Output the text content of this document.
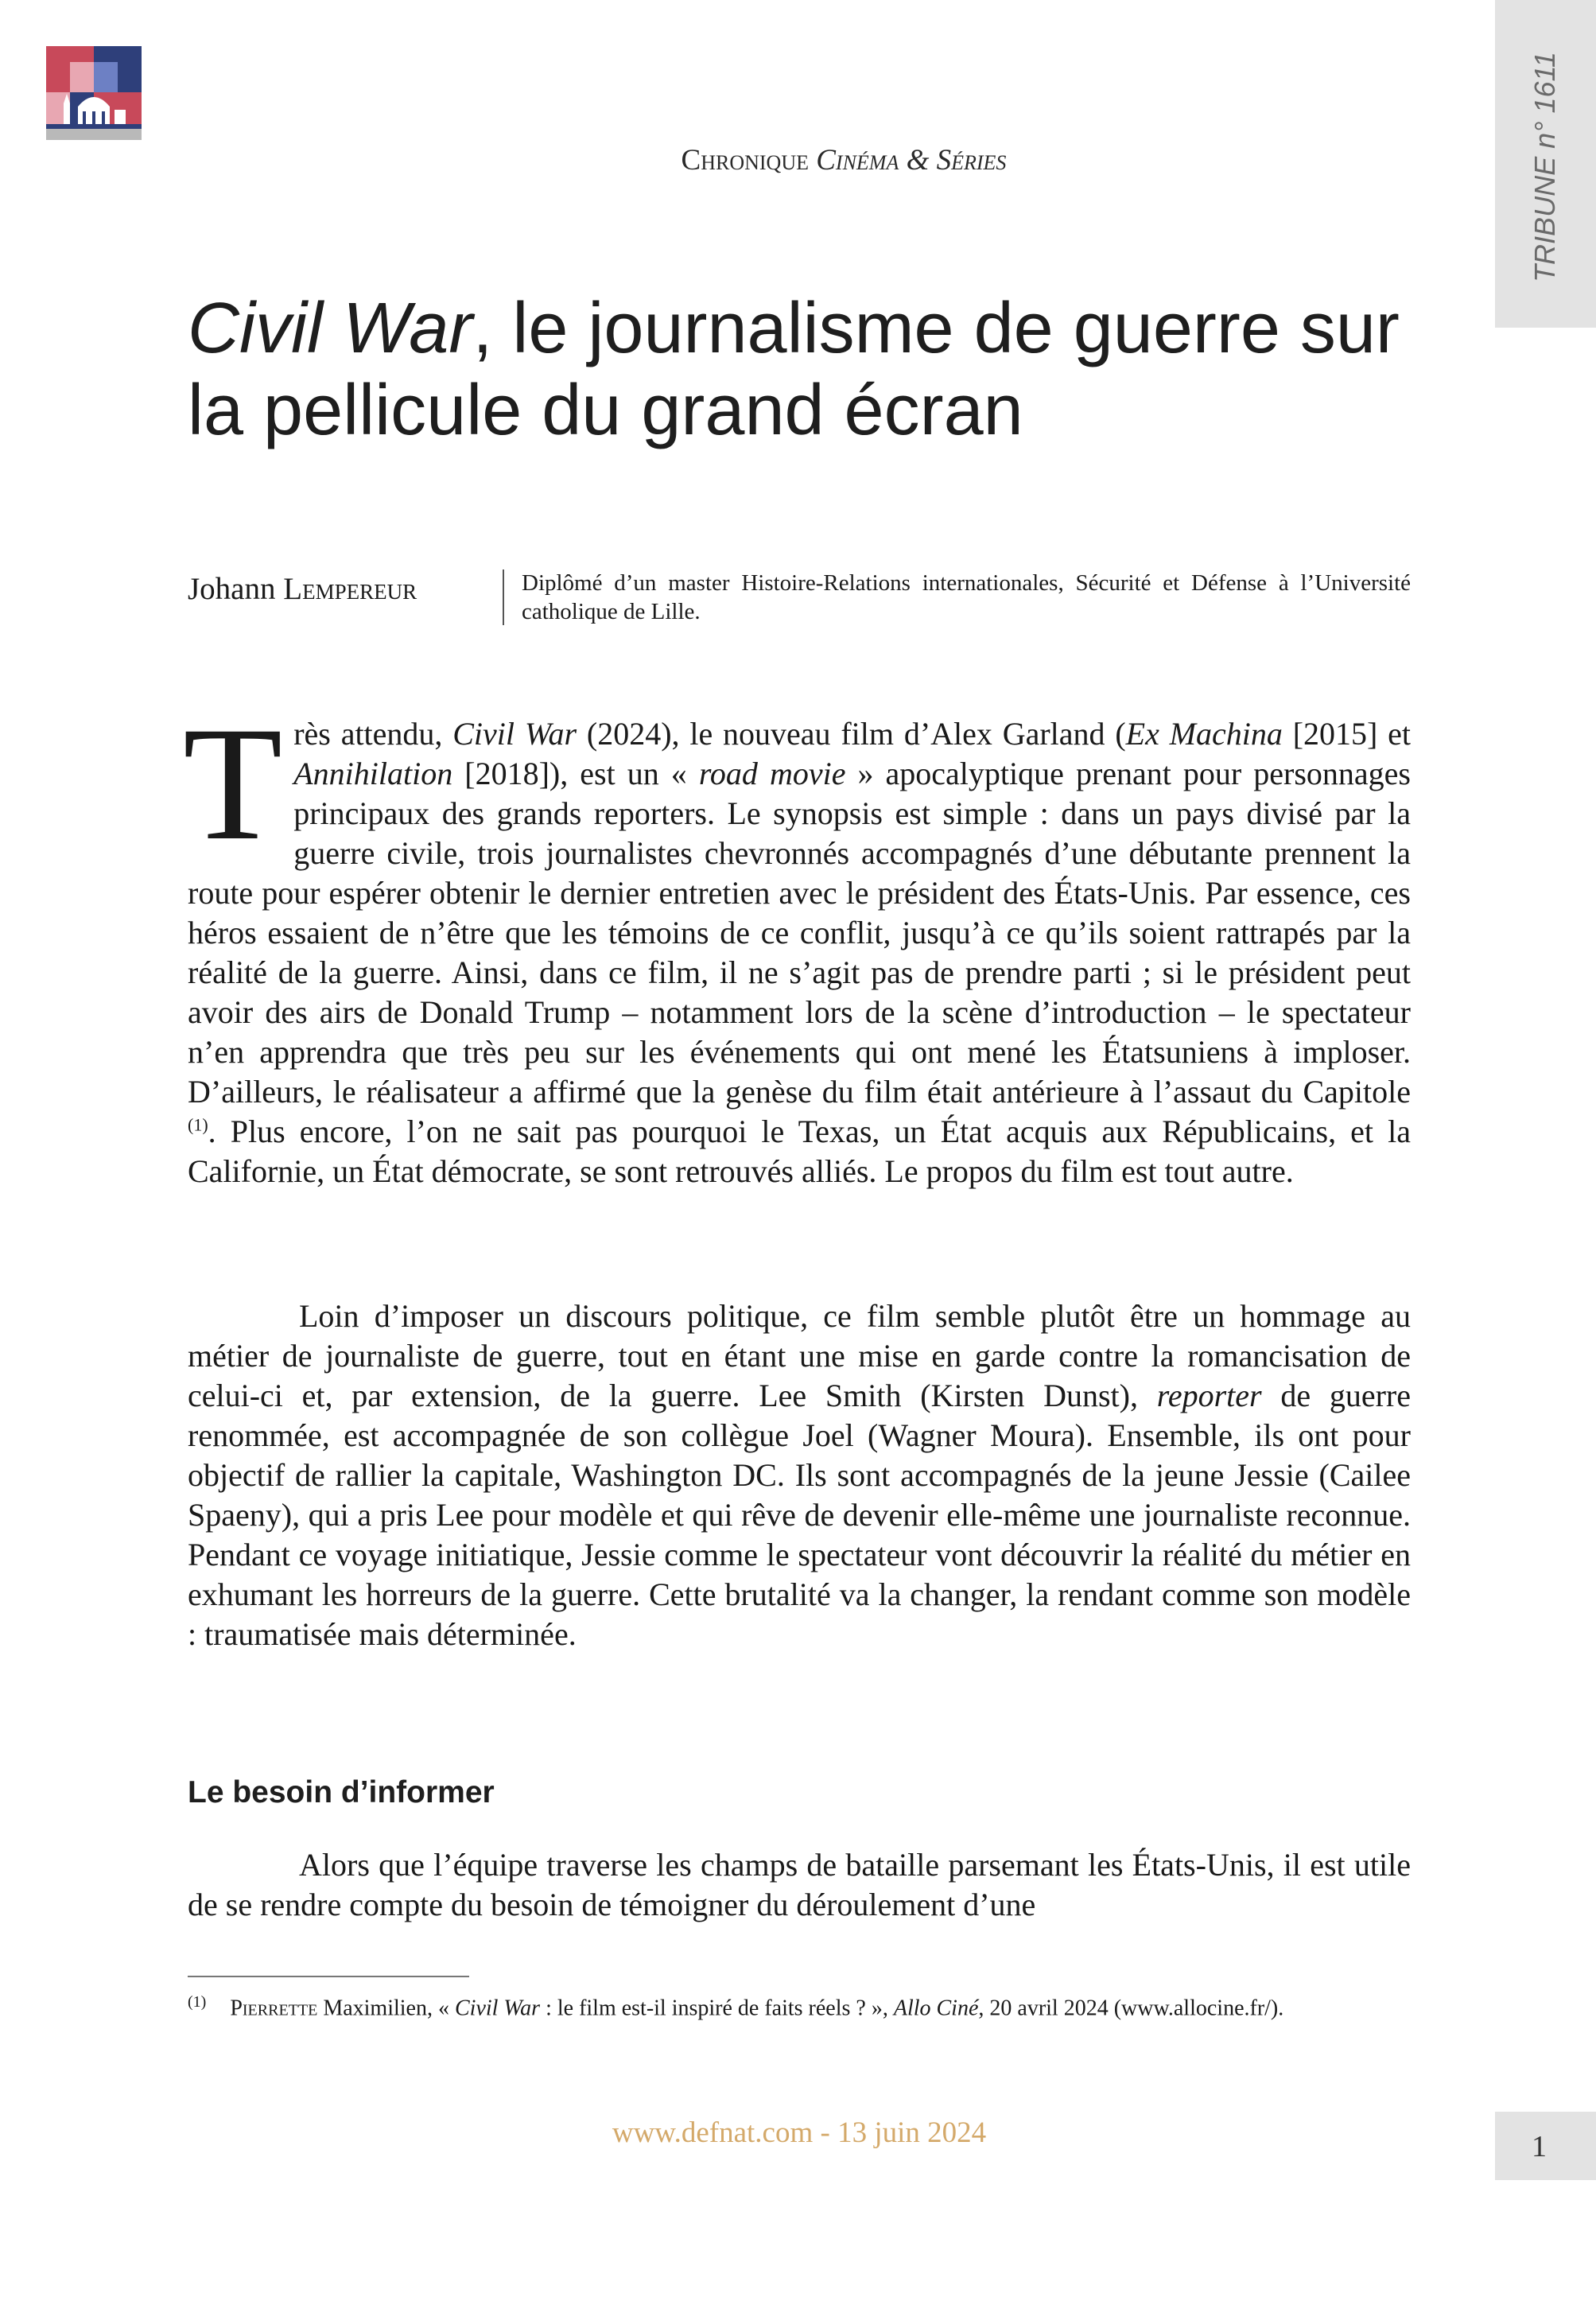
TRIBUNE n° 1611
Chronique Cinéma & Séries
Civil War, le journalisme de guerre sur la pellicule du grand écran
Johann Lempereur	Diplômé d’un master Histoire-Relations internationales, Sécurité et Défense à l’Université catholique de Lille.

Très attendu, Civil War (2024), le nouveau film d’Alex Garland (Ex Machina [2015] et Annihilation [2018]), est un « road movie » apocalyptique prenant pour personnages principaux des grands reporters. Le synopsis est simple : dans un pays divisé par la guerre civile, trois journalistes chevronnés accompagnés d’une débutante prennent la route pour espérer obtenir le dernier entretien avec le président des États-Unis. Par essence, ces héros essaient de n’être que les témoins de ce conflit, jusqu’à ce qu’ils soient rattrapés par la réalité de la guerre. Ainsi, dans ce film, il ne s’agit pas de prendre parti ; si le président peut avoir des airs de Donald Trump – notamment lors de la scène d’introduction – le spectateur n’en apprendra que très peu sur les événements qui ont mené les Étatsuniens à imploser. D’ailleurs, le réalisateur a affirmé que la genèse du film était antérieure à l’assaut du Capitole $^{(1)}$. Plus encore, l’on ne sait pas pourquoi le Texas, un État acquis aux Républicains, et la Californie, un État démocrate, se sont retrouvés alliés. Le propos du film est tout autre.

Loin d’imposer un discours politique, ce film semble plutôt être un hommage au métier de journaliste de guerre, tout en étant une mise en garde contre la romancisation de celui-ci et, par extension, de la guerre. Lee Smith (Kirsten Dunst), reporter de guerre renommée, est accompagnée de son collègue Joel (Wagner Moura). Ensemble, ils ont pour objectif de rallier la capitale, Washington DC. Ils sont accompagnés de la jeune Jessie (Cailee Spaeny), qui a pris Lee pour modèle et qui rêve de devenir elle-même une journaliste reconnue. Pendant ce voyage initiatique, Jessie comme le spectateur vont découvrir la réalité du métier en exhumant les horreurs de la guerre. Cette brutalité va la changer, la rendant comme son modèle : traumatisée mais déterminée.

Le besoin d’informer

Alors que l’équipe traverse les champs de bataille parsemant les États-Unis, il est utile de se rendre compte du besoin de témoigner du déroulement d’une

$^{(1)}$ Pierrette Maximilien, « Civil War : le film est-il inspiré de faits réels ? », Allo Ciné, 20 avril 2024 (www.allocine.fr/).
www.defnat.com - 13 juin 2024	1
